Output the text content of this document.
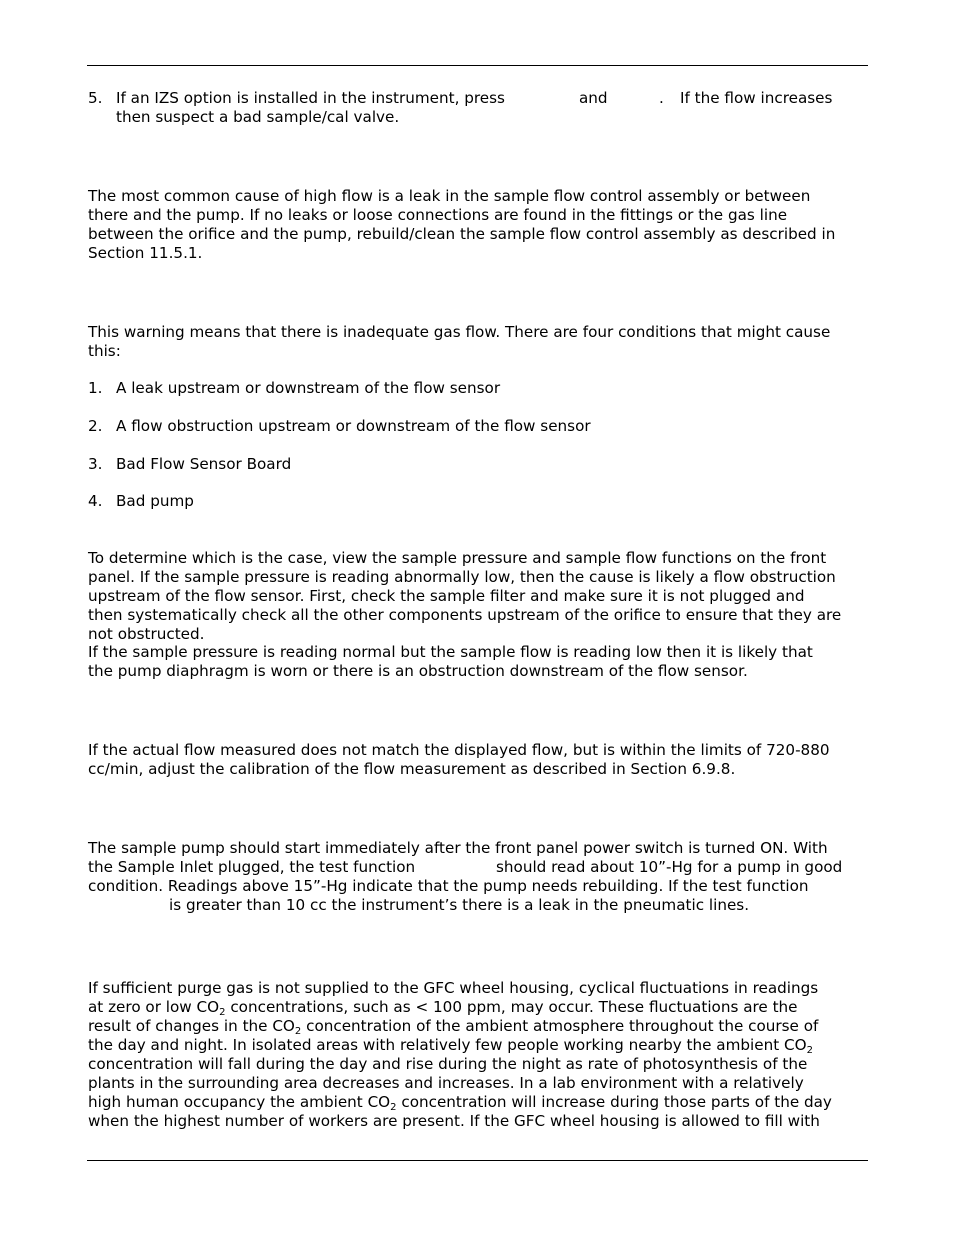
5. If an IZS option is installed in the instrument, press	and	. If the flow increases
then suspect a bad sample/cal valve.
The most common cause of high flow is a leak in the sample flow control assembly or between
there and the pump. If no leaks or loose connections are found in the fittings or the gas line
between the orifice and the pump, rebuild/clean the sample flow control assembly as described in
Section 11.5.1.
This warning means that there is inadequate gas flow. There are four conditions that might cause
this:
1. A leak upstream or downstream of the flow sensor
2. A flow obstruction upstream or downstream of the flow sensor
3. Bad Flow Sensor Board
4. Bad pump
To determine which is the case, view the sample pressure and sample flow functions on the front
panel. If the sample pressure is reading abnormally low, then the cause is likely a flow obstruction
upstream of the flow sensor. First, check the sample filter and make sure it is not plugged and
then systematically check all the other components upstream of the orifice to ensure that they are
not obstructed.
If the sample pressure is reading normal but the sample flow is reading low then it is likely that
the pump diaphragm is worn or there is an obstruction downstream of the flow sensor.
If the actual flow measured does not match the displayed flow, but is within the limits of 720-880
cc/min, adjust the calibration of the flow measurement as described in Section 6.9.8.
The sample pump should start immediately after the front panel power switch is turned ON. With
the Sample Inlet plugged, the test function	should read about 10”-Hg for a pump in good
condition. Readings above 15”-Hg indicate that the pump needs rebuilding. If the test function
is greater than 10 cc the instrument’s there is a leak in the pneumatic lines.
If sufficient purge gas is not supplied to the GFC wheel housing, cyclical fluctuations in readings
at zero or low $CO_2$ concentrations, such as < 100 ppm, may occur. These fluctuations are the
result of changes in the $CO_2$ concentration of the ambient atmosphere throughout the course of
the day and night. In isolated areas with relatively few people working nearby the ambient $CO_2$
concentration will fall during the day and rise during the night as rate of photosynthesis of the
plants in the surrounding area decreases and increases. In a lab environment with a relatively
high human occupancy the ambient $CO_2$ concentration will increase during those parts of the day
when the highest number of workers are present. If the GFC wheel housing is allowed to fill with
